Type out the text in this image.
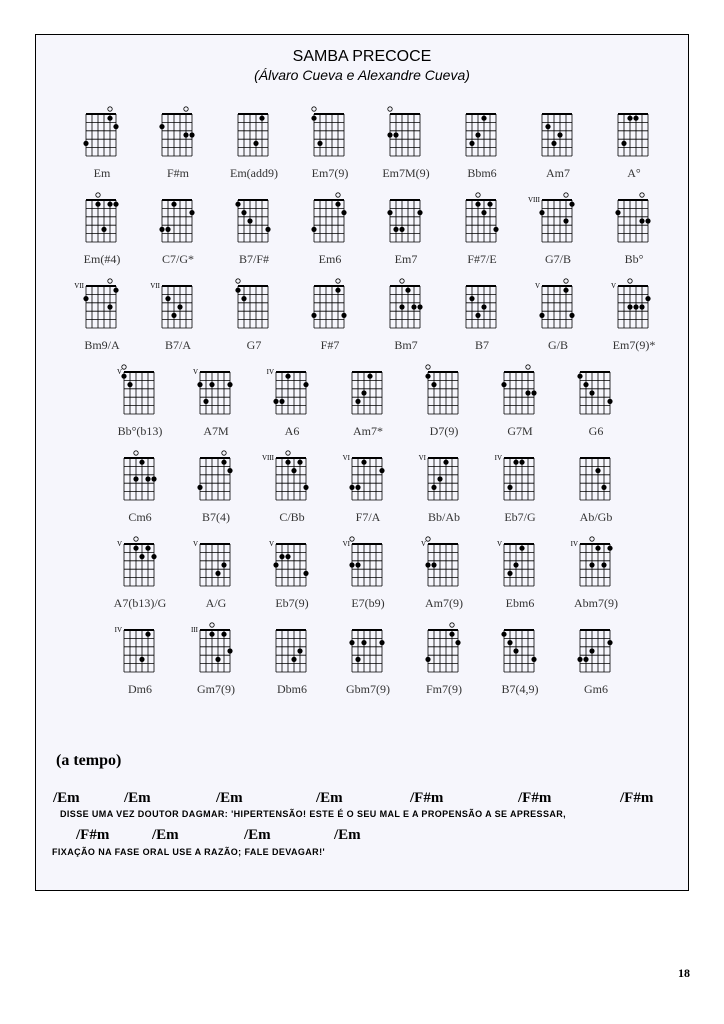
SAMBA PRECOCE
(Álvaro Cueva e Alexandre Cueva)
Em	F#m	Em(add9)	Em7(9)	Em7M(9)	Bbm6	Am7	A°
Em(#4)	C7/G*	B7/F#	Em6	Em7	F#7/E
VIII
G7/B	Bb°
VII
Bm9/A
VII
B7/A	G7	F#7	Bm7	B7
V
G/B
V
Em7(9)*
V
Bb°(b13)
V
A7M
IV
A6	Am7*	D7(9)	G7M	G6
Cm6	B7(4)
VIII
C/Bb
VI
F7/A
VI
Bb/Ab
IV
Eb7/G	Ab/Gb
V
A7(b13)/G
V
A/G
V
Eb7(9)
VI
E7(b9)
V
Am7(9)
V
Ebm6
IV
Abm7(9)
IV
Dm6
III
Gm7(9)	Dbm6	Gbm7(9)	Fm7(9)	B7(4,9)	Gm6
(a tempo)
/Em	/Em	/Em	/Em	/F#m	/F#m	/F#m
DISSE UMA VEZ DOUTOR DAGMAR: 'HIPERTENSÃO! ESTE É O SEU MAL E A PROPENSÃO A SE APRESSAR,
/F#m	/Em	/Em	/Em
FIXAÇÃO NA FASE ORAL USE A RAZÃO; FALE DEVAGAR!'
18
